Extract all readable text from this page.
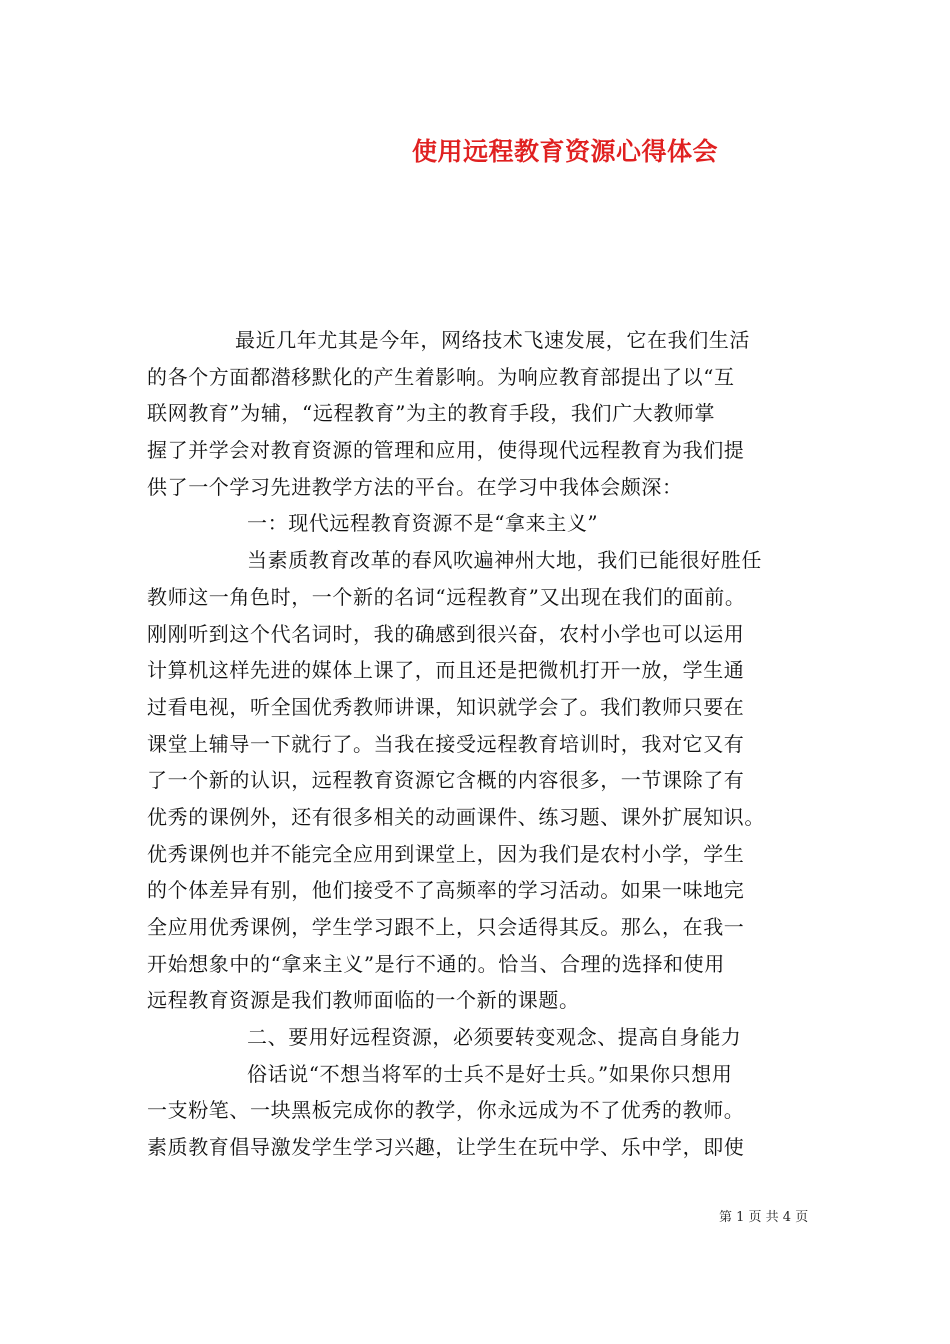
使用远程教育资源心得体会
最近几年尤其是今年，网络技术飞速发展，它在我们生活
的各个方面都潜移默化的产生着影响。为响应教育部提出了以“互
联网教育”为辅，“远程教育”为主的教育手段，我们广大教师掌
握了并学会对教育资源的管理和应用，使得现代远程教育为我们提
供了一个学习先进教学方法的平台。在学习中我体会颇深：
一：现代远程教育资源不是“拿来主义”
当素质教育改革的春风吹遍神州大地，我们已能很好胜任
教师这一角色时，一个新的名词“远程教育”又出现在我们的面前。
刚刚听到这个代名词时，我的确感到很兴奋，农村小学也可以运用
计算机这样先进的媒体上课了，而且还是把微机打开一放，学生通
过看电视，听全国优秀教师讲课，知识就学会了。我们教师只要在
课堂上辅导一下就行了。当我在接受远程教育培训时，我对它又有
了一个新的认识，远程教育资源它含概的内容很多，一节课除了有
优秀的课例外，还有很多相关的动画课件、练习题、课外扩展知识。
优秀课例也并不能完全应用到课堂上，因为我们是农村小学，学生
的个体差异有别，他们接受不了高频率的学习活动。如果一味地完
全应用优秀课例，学生学习跟不上，只会适得其反。那么，在我一
开始想象中的“拿来主义”是行不通的。恰当、合理的选择和使用
远程教育资源是我们教师面临的一个新的课题。
二、要用好远程资源，必须要转变观念、提高自身能力
俗话说“不想当将军的士兵不是好士兵。”如果你只想用
一支粉笔、一块黑板完成你的教学，你永远成为不了优秀的教师。
素质教育倡导激发学生学习兴趣，让学生在玩中学、乐中学，即使
第 1 页 共 4 页
